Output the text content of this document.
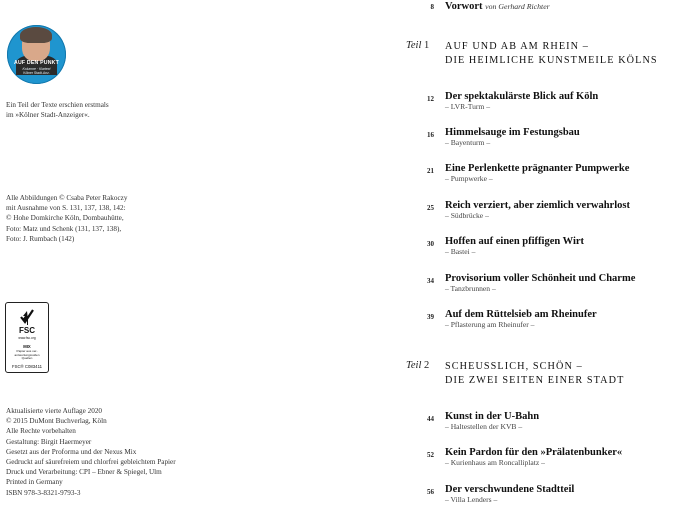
AUF DEN PUNKT
Kolumne · Klartext
Kölner Stadt-Anz.
Ein Teil der Texte erschien erstmals
im »Kölner Stadt-Anzeiger«.
Alle Abbildungen © Csaba Peter Rakoczy
mit Ausnahme von S. 131, 137, 138, 142:
© Hohe Domkirche Köln, Dombauhütte,
Foto: Matz und Schenk (131, 137, 138),
Foto: J. Rumbach (142)
FSC
www.fsc.org
MIX
Papier aus ver-
antwortungsvollen
Quellen
FSC® C083411
Aktualisierte vierte Auflage 2020
© 2015 DuMont Buchverlag, Köln
Alle Rechte vorbehalten
Gestaltung: Birgit Haermeyer
Gesetzt aus der Proforma und der Nexus Mix
Gedruckt auf säurefreiem und chlorfrei gebleichtem Papier
Druck und Verarbeitung: CPI – Ebner & Spiegel, Ulm
Printed in Germany
ISBN 978-3-8321-9793-3
8 Vorwort von Gerhard Richter
Teil 1 AUF UND AB AM RHEIN –
DIE HEIMLICHE KUNSTMEILE KÖLNS
12 Der spektakulärste Blick auf Köln
– LVR-Turm –
16 Himmelsauge im Festungsbau
– Bayenturm –
21 Eine Perlenkette prägnanter Pumpwerke
– Pumpwerke –
25 Reich verziert, aber ziemlich verwahrlost
– Südbrücke –
30 Hoffen auf einen pfiffigen Wirt
– Bastei –
34 Provisorium voller Schönheit und Charme
– Tanzbrunnen –
39 Auf dem Rüttelsieb am Rheinufer
– Pflasterung am Rheinufer –
Teil 2 SCHEUSSLICH, SCHÖN –
DIE ZWEI SEITEN EINER STADT
44 Kunst in der U-Bahn
– Haltestellen der KVB –
52 Kein Pardon für den »Prälatenbunker«
– Kurienhaus am Roncalliplatz –
56 Der verschwundene Stadtteil
– Villa Lenders –
